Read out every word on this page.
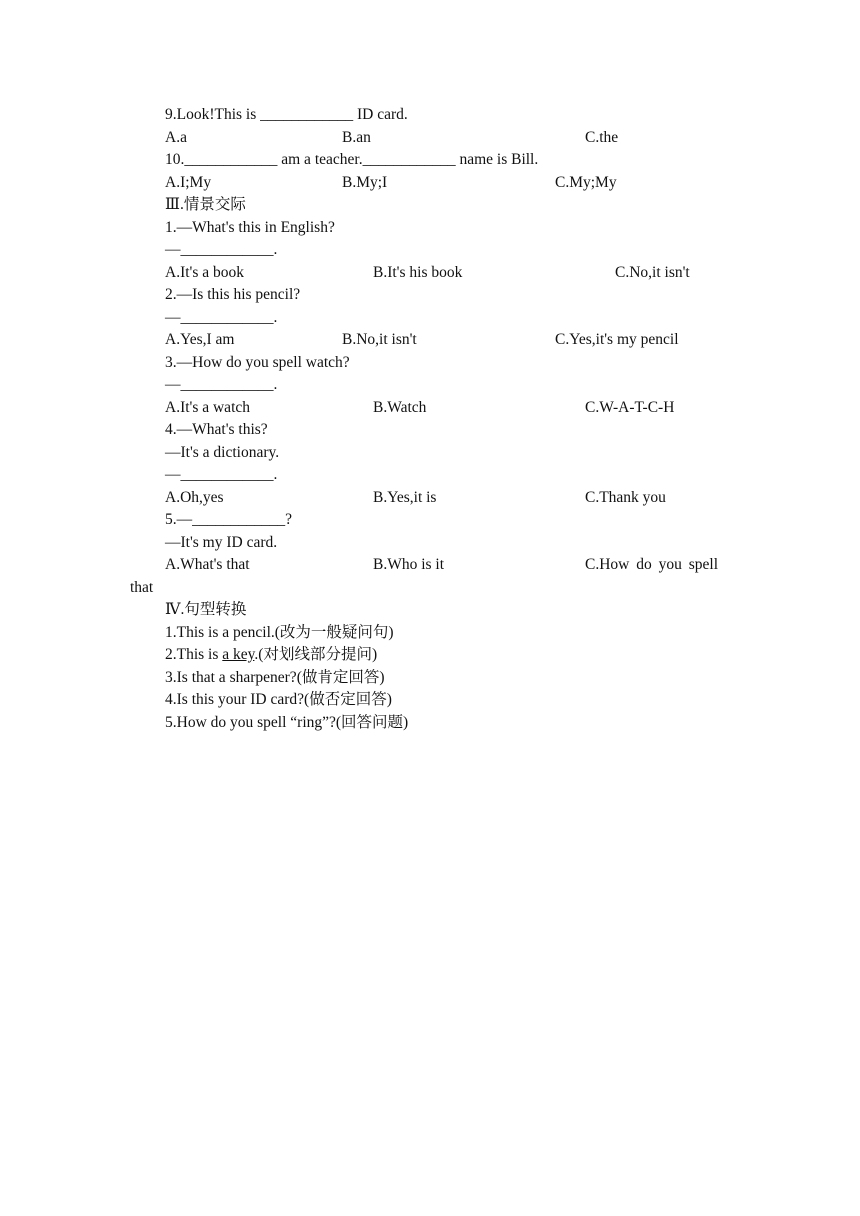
9.Look!This is ____________ ID card.
A.a	B.an	C.the
10.____________ am a teacher.____________ name is Bill.
A.I;My	B.My;I	C.My;My
Ⅲ.情景交际
1.—What's this in English?
—____________.
A.It's a book	B.It's his book	C.No,it isn't
2.—Is this his pencil?
—____________.
A.Yes,I am	B.No,it isn't	C.Yes,it's my pencil
3.—How do you spell watch?
—____________.
A.It's a watch	B.Watch	C.W-A-T-C-H
4.—What's this?
—It's a dictionary.
—____________.
A.Oh,yes	B.Yes,it is	C.Thank you
5.—____________?
—It's my ID card.
A.What's that	B.Who is it	C.How do you spell
that
Ⅳ.句型转换
1.This is a pencil.(改为一般疑问句)
2.This is a key.(对划线部分提问)
3.Is that a sharpener?(做肯定回答)
4.Is this your ID card?(做否定回答)
5.How do you spell “ring”?(回答问题)
